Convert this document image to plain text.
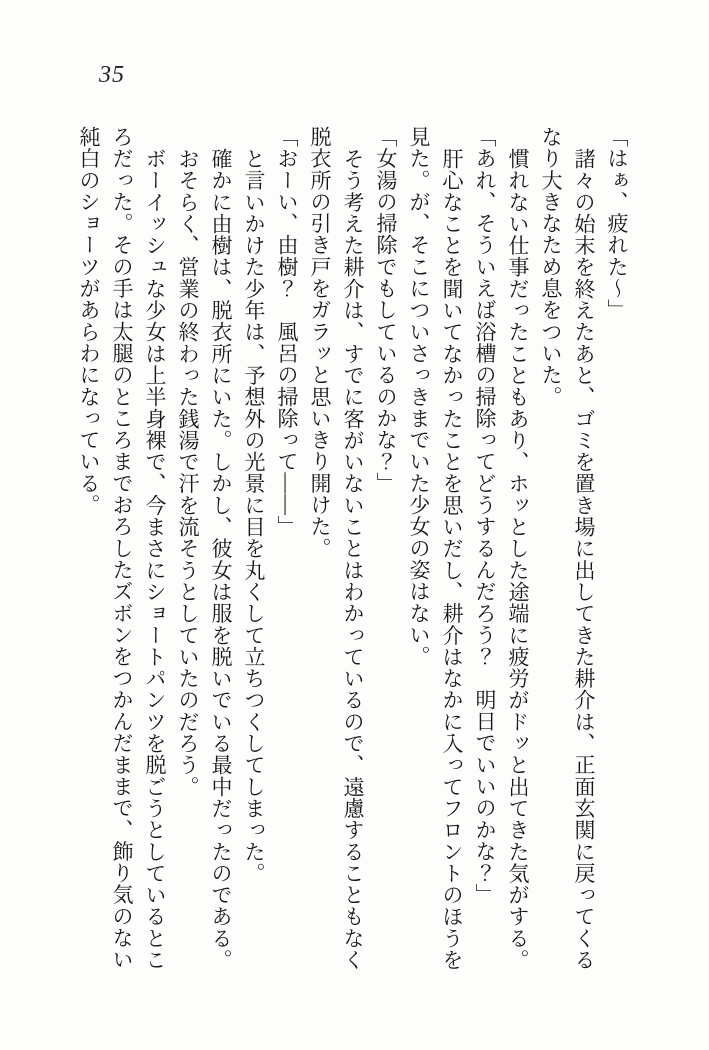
35

「はぁ、疲れた〜」

諸々の始末を終えたあと、ゴミを置き場に出してきた耕介は、正面玄関に戻ってくるなり大きなため息をついた。

慣れない仕事だったこともあり、ホッとした途端に疲労がドッと出てきた気がする。

「あれ、そういえば浴槽の掃除ってどうするんだろう？　明日でいいのかな？」

肝心なことを聞いてなかったことを思いだし、耕介はなかに入ってフロントのほうを見た。が、そこについさっきまでいた少女の姿はない。

「女湯の掃除でもしているのかな？」

そう考えた耕介は、すでに客がいないことはわかっているので、遠慮することもなく脱衣所の引き戸をガラッと思いきり開けた。

「おーい、由樹？　風呂の掃除って――」

と言いかけた少年は、予想外の光景に目を丸くして立ちつくしてしまった。

確かに由樹は、脱衣所にいた。しかし、彼女は服を脱いでいる最中だったのである。

おそらく、営業の終わった銭湯で汗を流そうとしていたのだろう。

ボーイッシュな少女は上半身裸で、今まさにショートパンツを脱ごうとしているところだった。その手は太腿のところまでおろしたズボンをつかんだままで、飾り気のない純白のショーツがあらわになっている。
